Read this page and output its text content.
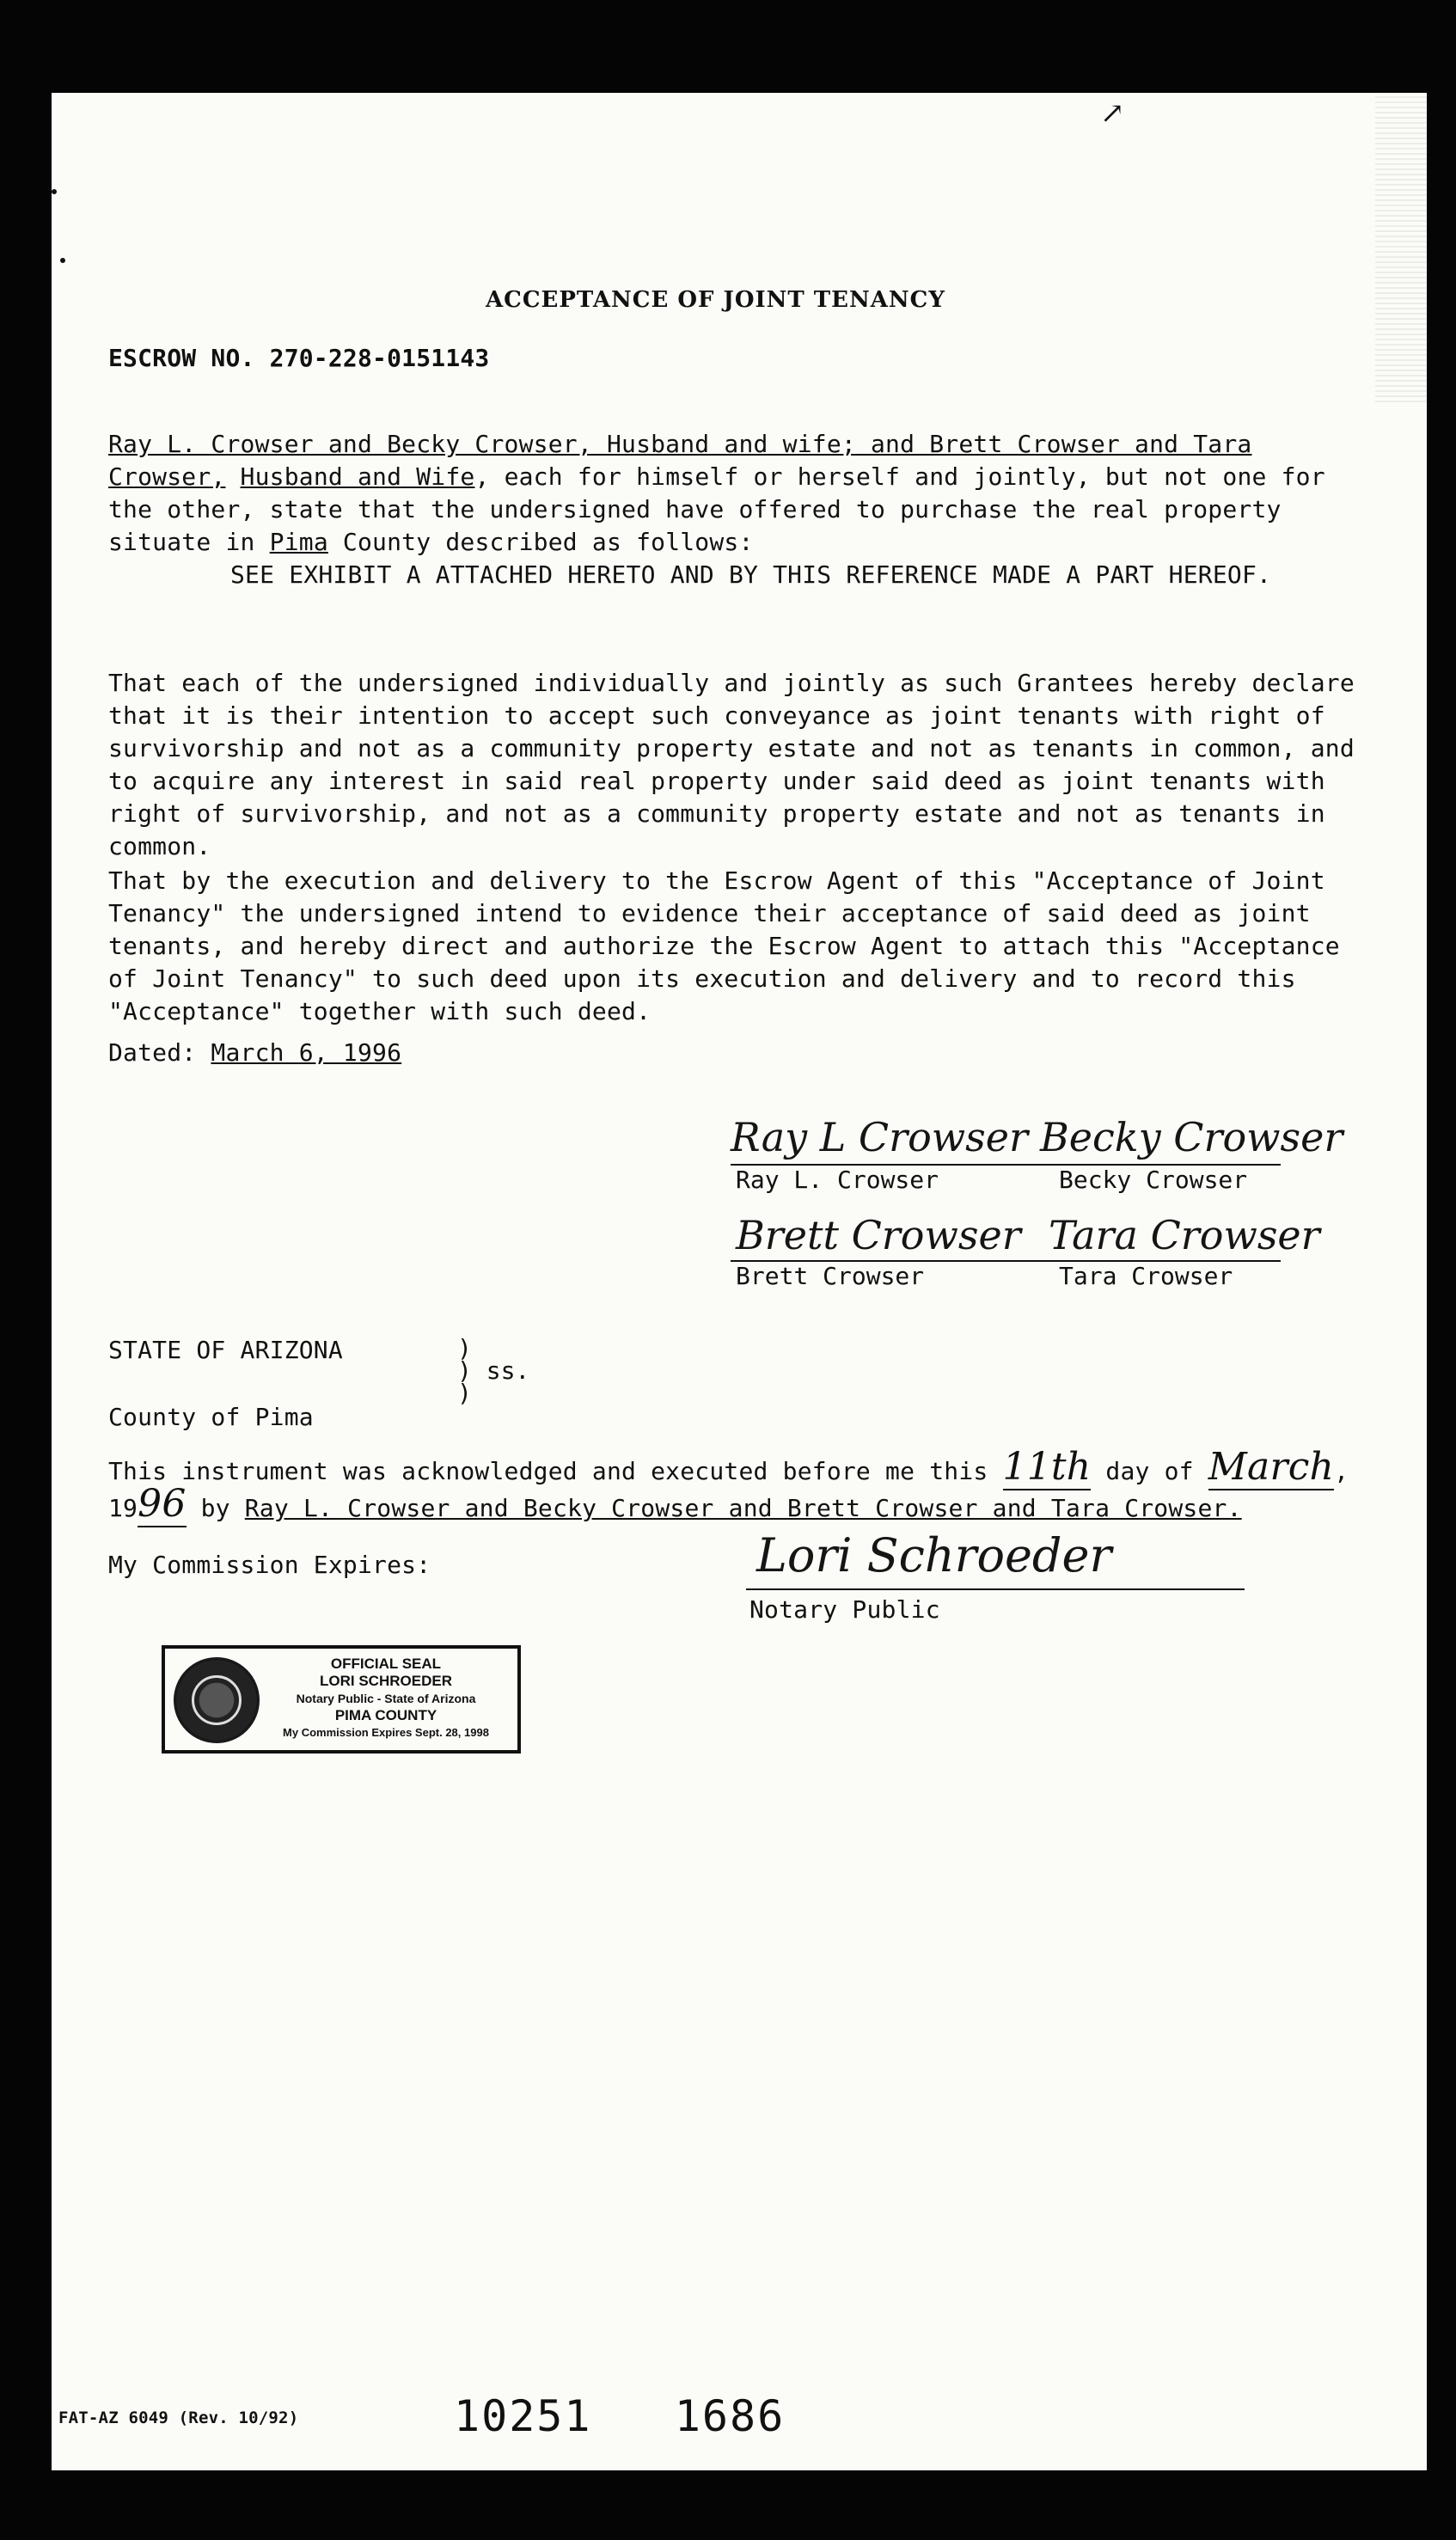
↗
ACCEPTANCE OF JOINT TENANCY
ESCROW NO. 270-228-0151143
Ray L. Crowser and Becky Crowser, Husband and wife; and Brett Crowser and Tara Crowser, Husband and Wife, each for himself or herself and jointly, but not one for the other, state that the undersigned have offered to purchase the real property situate in Pima County described as follows:
SEE EXHIBIT A ATTACHED HERETO AND BY THIS REFERENCE MADE A PART HEREOF.
That each of the undersigned individually and jointly as such Grantees hereby declare that it is their intention to accept such conveyance as joint tenants with right of survivorship and not as a community property estate and not as tenants in common, and to acquire any interest in said real property under said deed as joint tenants with right of survivorship, and not as a community property estate and not as tenants in common.
That by the execution and delivery to the Escrow Agent of this "Acceptance of Joint Tenancy" the undersigned intend to evidence their acceptance of said deed as joint tenants, and hereby direct and authorize the Escrow Agent to attach this "Acceptance of Joint Tenancy" to such deed upon its execution and delivery and to record this "Acceptance" together with such deed.
Dated: March 6, 1996
Ray L Crowser
Ray L. Crowser
Becky Crowser
Becky Crowser
Brett Crowser
Brett Crowser
Tara Crowser
Tara Crowser
STATE OF ARIZONA	)
) ss.
)
County of Pima
This instrument was acknowledged and executed before me this 11th day of March,
1996 by Ray L. Crowser and Becky Crowser and Brett Crowser and Tara Crowser.
My Commission Expires:	Lori Schroeder
Notary Public
OFFICIAL SEAL
LORI SCHROEDER
Notary Public - State of Arizona
PIMA COUNTY
My Commission Expires Sept. 28, 1998
FAT-AZ 6049 (Rev. 10/92)	10251   1686
